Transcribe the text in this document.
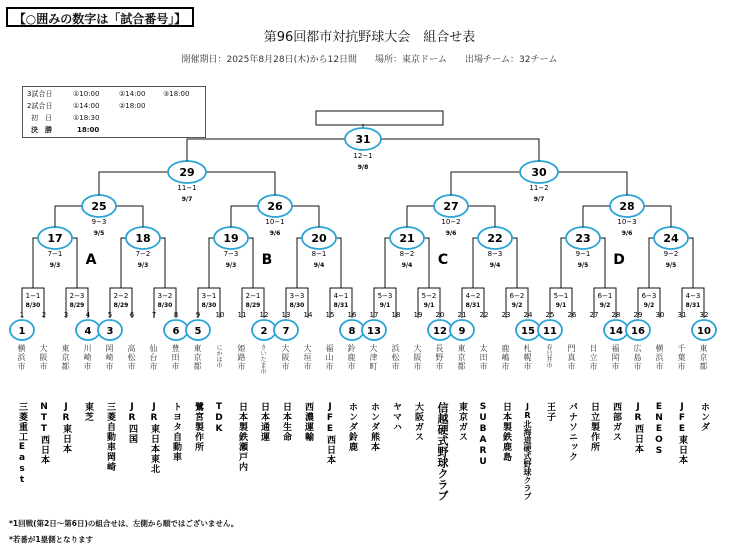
【○囲みの数字は「試合番号」】
第96回都市対抗野球大会　組合せ表
開催期日：2025年8月28日(木)から12日間　　場所：東京ドーム　　出場チーム：32チーム
3試合日	①10:00	②14:00	③18:00
2試合日	①14:00	②18:00
初　日	①18:30
決　勝	18:00
1−1
8/30
2−3
8/29
2−2
8/29
3−2
8/30
3−1
8/30
2−1
8/29
3−3
8/30
4−1
8/31
5−3
9/1
5−2
9/1
4−2
8/31
6−2
9/2
5−1
9/1
6−1
9/2
6−3
9/2
4−3
8/31
1	2	3	4	5	6	7	8	9 10 11 12 13 14 15 16 17 18 19 20 21 22 23 24 25 26 27 28 29 30 31 32
17
7−1
9/3
18
7−2
9/3
19
7−3
9/3
20
8−1
9/4
21
8−2
9/4
22
8−3
9/4
23
9−1
9/5
24
9−2
9/5
25
9−3
9/5
26
10−1
9/6
27
10−2
9/6
28
10−3
9/6
A	B	C	D
29
11−1
9/7
30
11−2
9/7
31
12−1
9/8
1	4 3	6 5	2 7	8 13	12 9	15 11	14 16	10
横浜市
三菱重工East
大阪市
NTT西日本
東京都
JR東日本
川崎市
東芝
岡崎市
三菱自動車岡崎
高松市
JR四国
仙台市
JR東日本東北
豊田市
トヨタ自動車
東京都
鷺宮製作所
にかほ市
TDK
姫路市
日本製鉄瀬戸内
さいたま市
日本通運
大阪市
日本生命
大垣市
西濃運輸
福山市
JFE西日本
鈴鹿市
ホンダ鈴鹿
大津町
ホンダ熊本
浜松市
ヤマハ
大阪市
大阪ガス
長野市
信越硬式野球クラブ
東京都
東京ガス
太田市
SUBARU
鹿嶋市
日本製鉄鹿島
札幌市
JR北海道硬式野球クラブ
春日井市
王子
門真市
パナソニック
日立市
日立製作所
福岡市
西部ガス
広島市
JR西日本
横浜市
ENEOS
千葉市
JFE東日本
東京都
ホンダ
*1回戦(第2日〜第6日)の組合せは、左側から順ではございません。
*若番が1塁側となります
